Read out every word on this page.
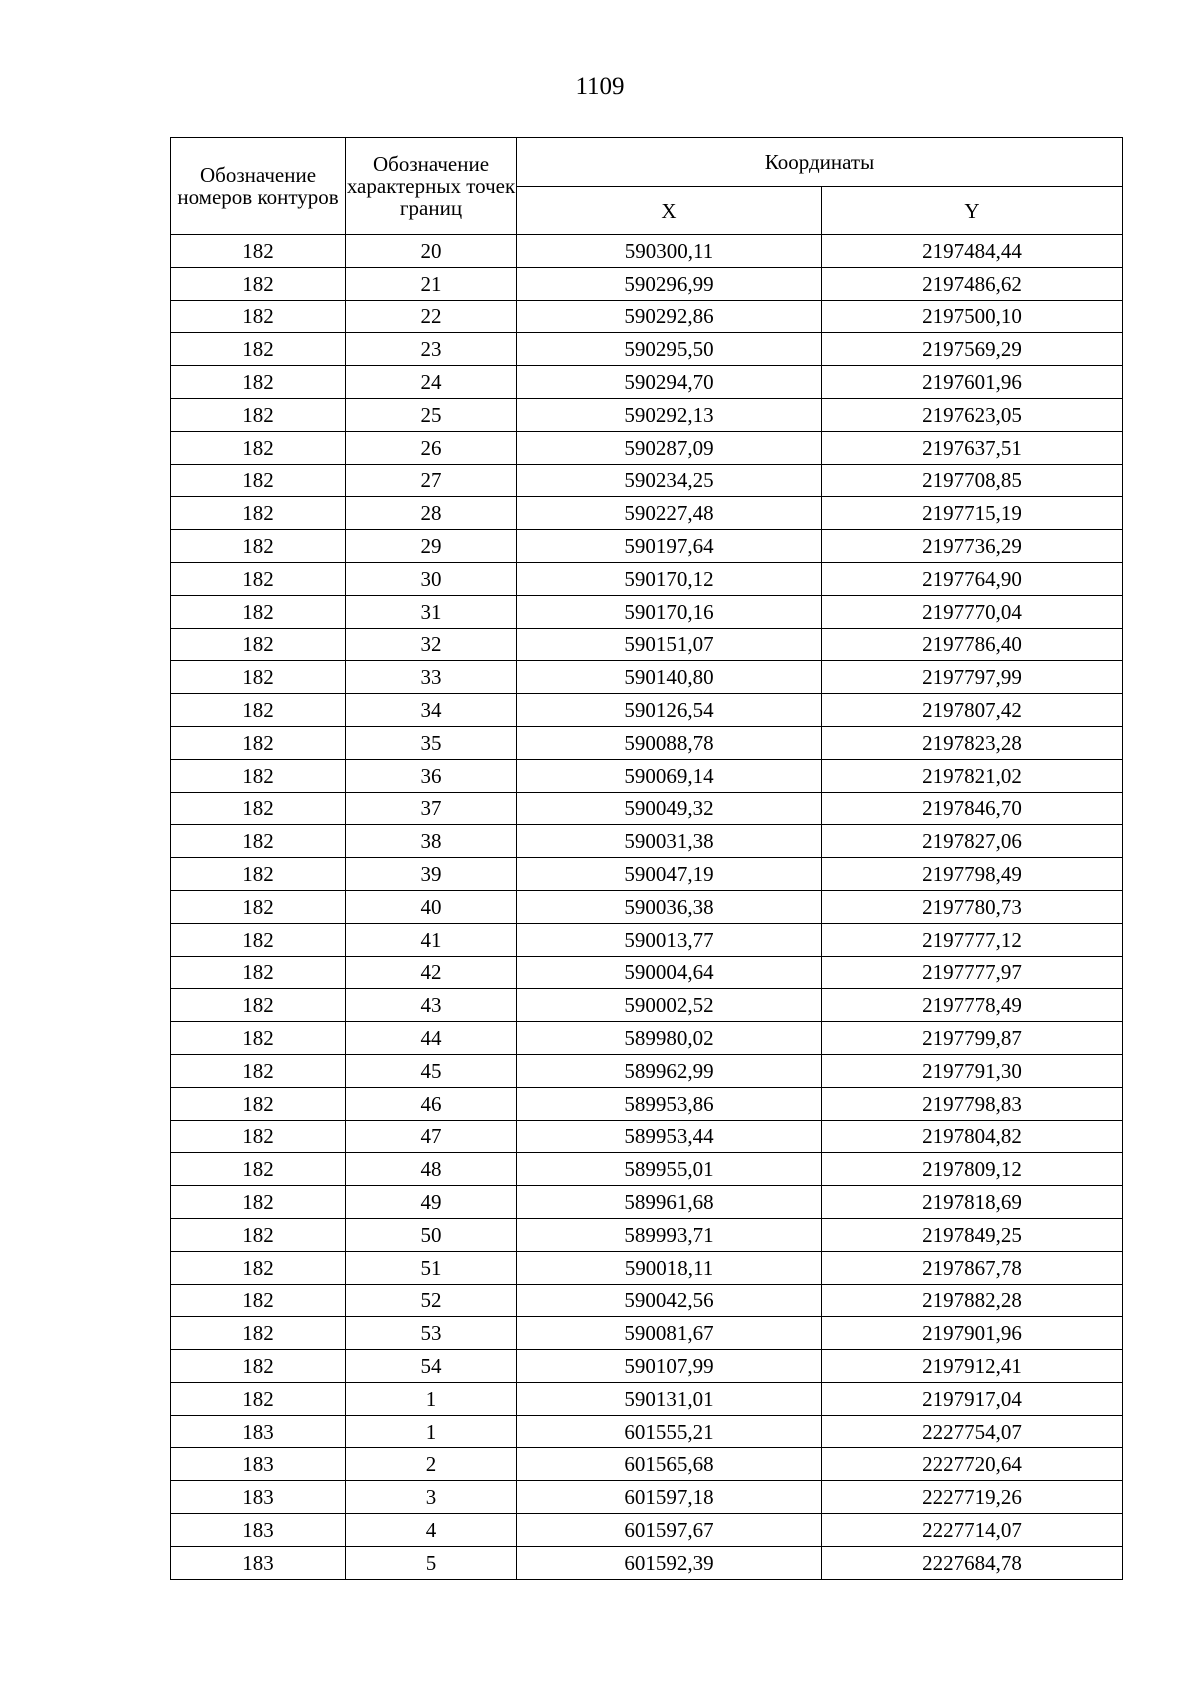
1109
Обозначение номеров контуров	Обозначение характерных точек границ	Координаты	
		X	Y
182	20	590300,11	2197484,44
182	21	590296,99	2197486,62
182	22	590292,86	2197500,10
182	23	590295,50	2197569,29
182	24	590294,70	2197601,96
182	25	590292,13	2197623,05
182	26	590287,09	2197637,51
182	27	590234,25	2197708,85
182	28	590227,48	2197715,19
182	29	590197,64	2197736,29
182	30	590170,12	2197764,90
182	31	590170,16	2197770,04
182	32	590151,07	2197786,40
182	33	590140,80	2197797,99
182	34	590126,54	2197807,42
182	35	590088,78	2197823,28
182	36	590069,14	2197821,02
182	37	590049,32	2197846,70
182	38	590031,38	2197827,06
182	39	590047,19	2197798,49
182	40	590036,38	2197780,73
182	41	590013,77	2197777,12
182	42	590004,64	2197777,97
182	43	590002,52	2197778,49
182	44	589980,02	2197799,87
182	45	589962,99	2197791,30
182	46	589953,86	2197798,83
182	47	589953,44	2197804,82
182	48	589955,01	2197809,12
182	49	589961,68	2197818,69
182	50	589993,71	2197849,25
182	51	590018,11	2197867,78
182	52	590042,56	2197882,28
182	53	590081,67	2197901,96
182	54	590107,99	2197912,41
182	1	590131,01	2197917,04
183	1	601555,21	2227754,07
183	2	601565,68	2227720,64
183	3	601597,18	2227719,26
183	4	601597,67	2227714,07
183	5	601592,39	2227684,78
